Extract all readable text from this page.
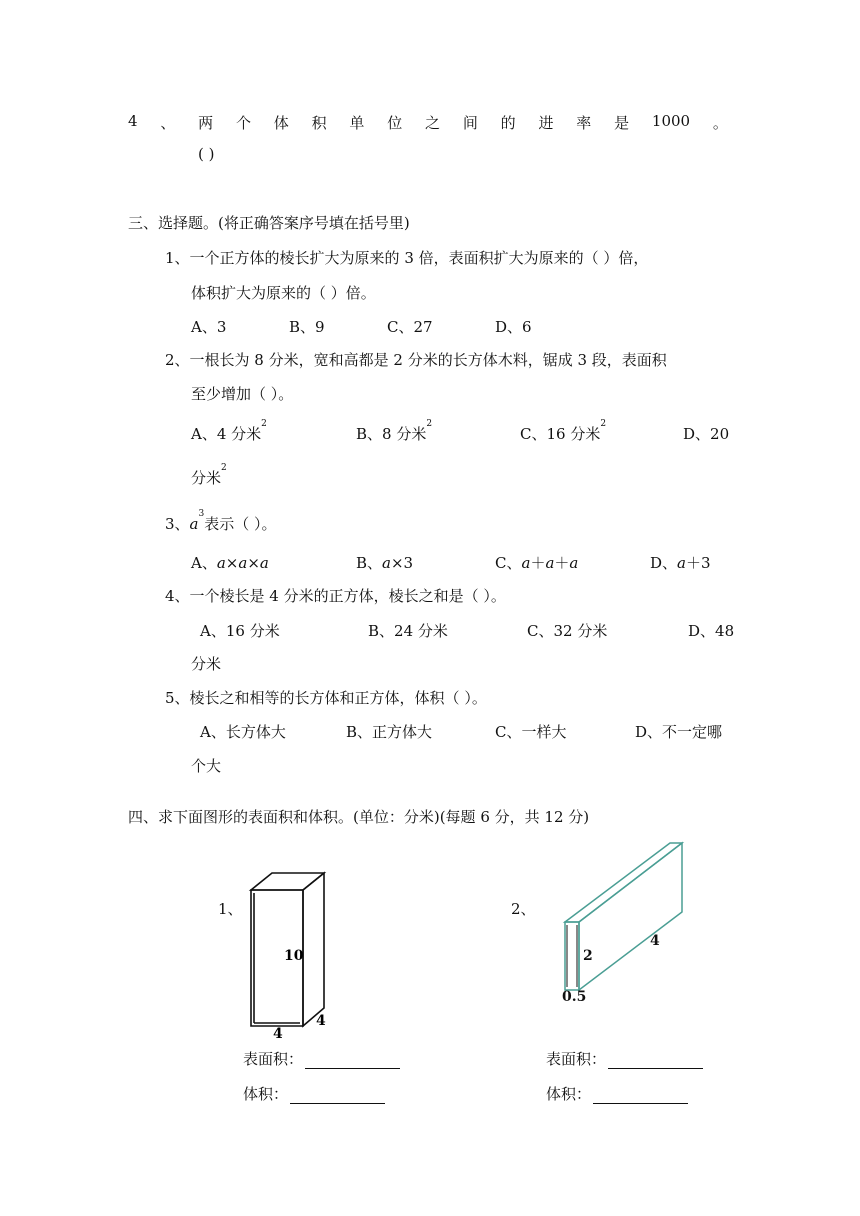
4 、 两 个 体 积 单 位 之 间 的 进 率 是 1000 。
( )
三、选择题。(将正确答案序号填在括号里)
1、一个正方体的棱长扩大为原来的 3 倍，表面积扩大为原来的（ ）倍，
体积扩大为原来的（ ）倍。
A、3	B、9	C、27	D、6
2、一根长为 8 分米，宽和高都是 2 分米的长方体木料，锯成 3 段，表面积
至少增加（ ）。
A、4 分米$^2$
B、8 分米$^2$
C、16 分米$^2$
D、20
分米$^2$
3、$a^3$表示（ ）。
A、a×a×a	B、a×3	C、a＋a＋a	D、a＋3
4、一个棱长是 4 分米的正方体，棱长之和是（ ）。
A、16 分米	B、24 分米	C、32 分米	D、48
分米
5、棱长之和相等的长方体和正方体，体积（ ）。
A、长方体大	B、正方体大	C、一样大	D、不一定哪
个大
四、求下面图形的表面积和体积。(单位：分米)(每题 6 分，共 12 分)
1、
10
4
4
2、
2
4
0.5
表面积：
体积：
表面积：
体积：
